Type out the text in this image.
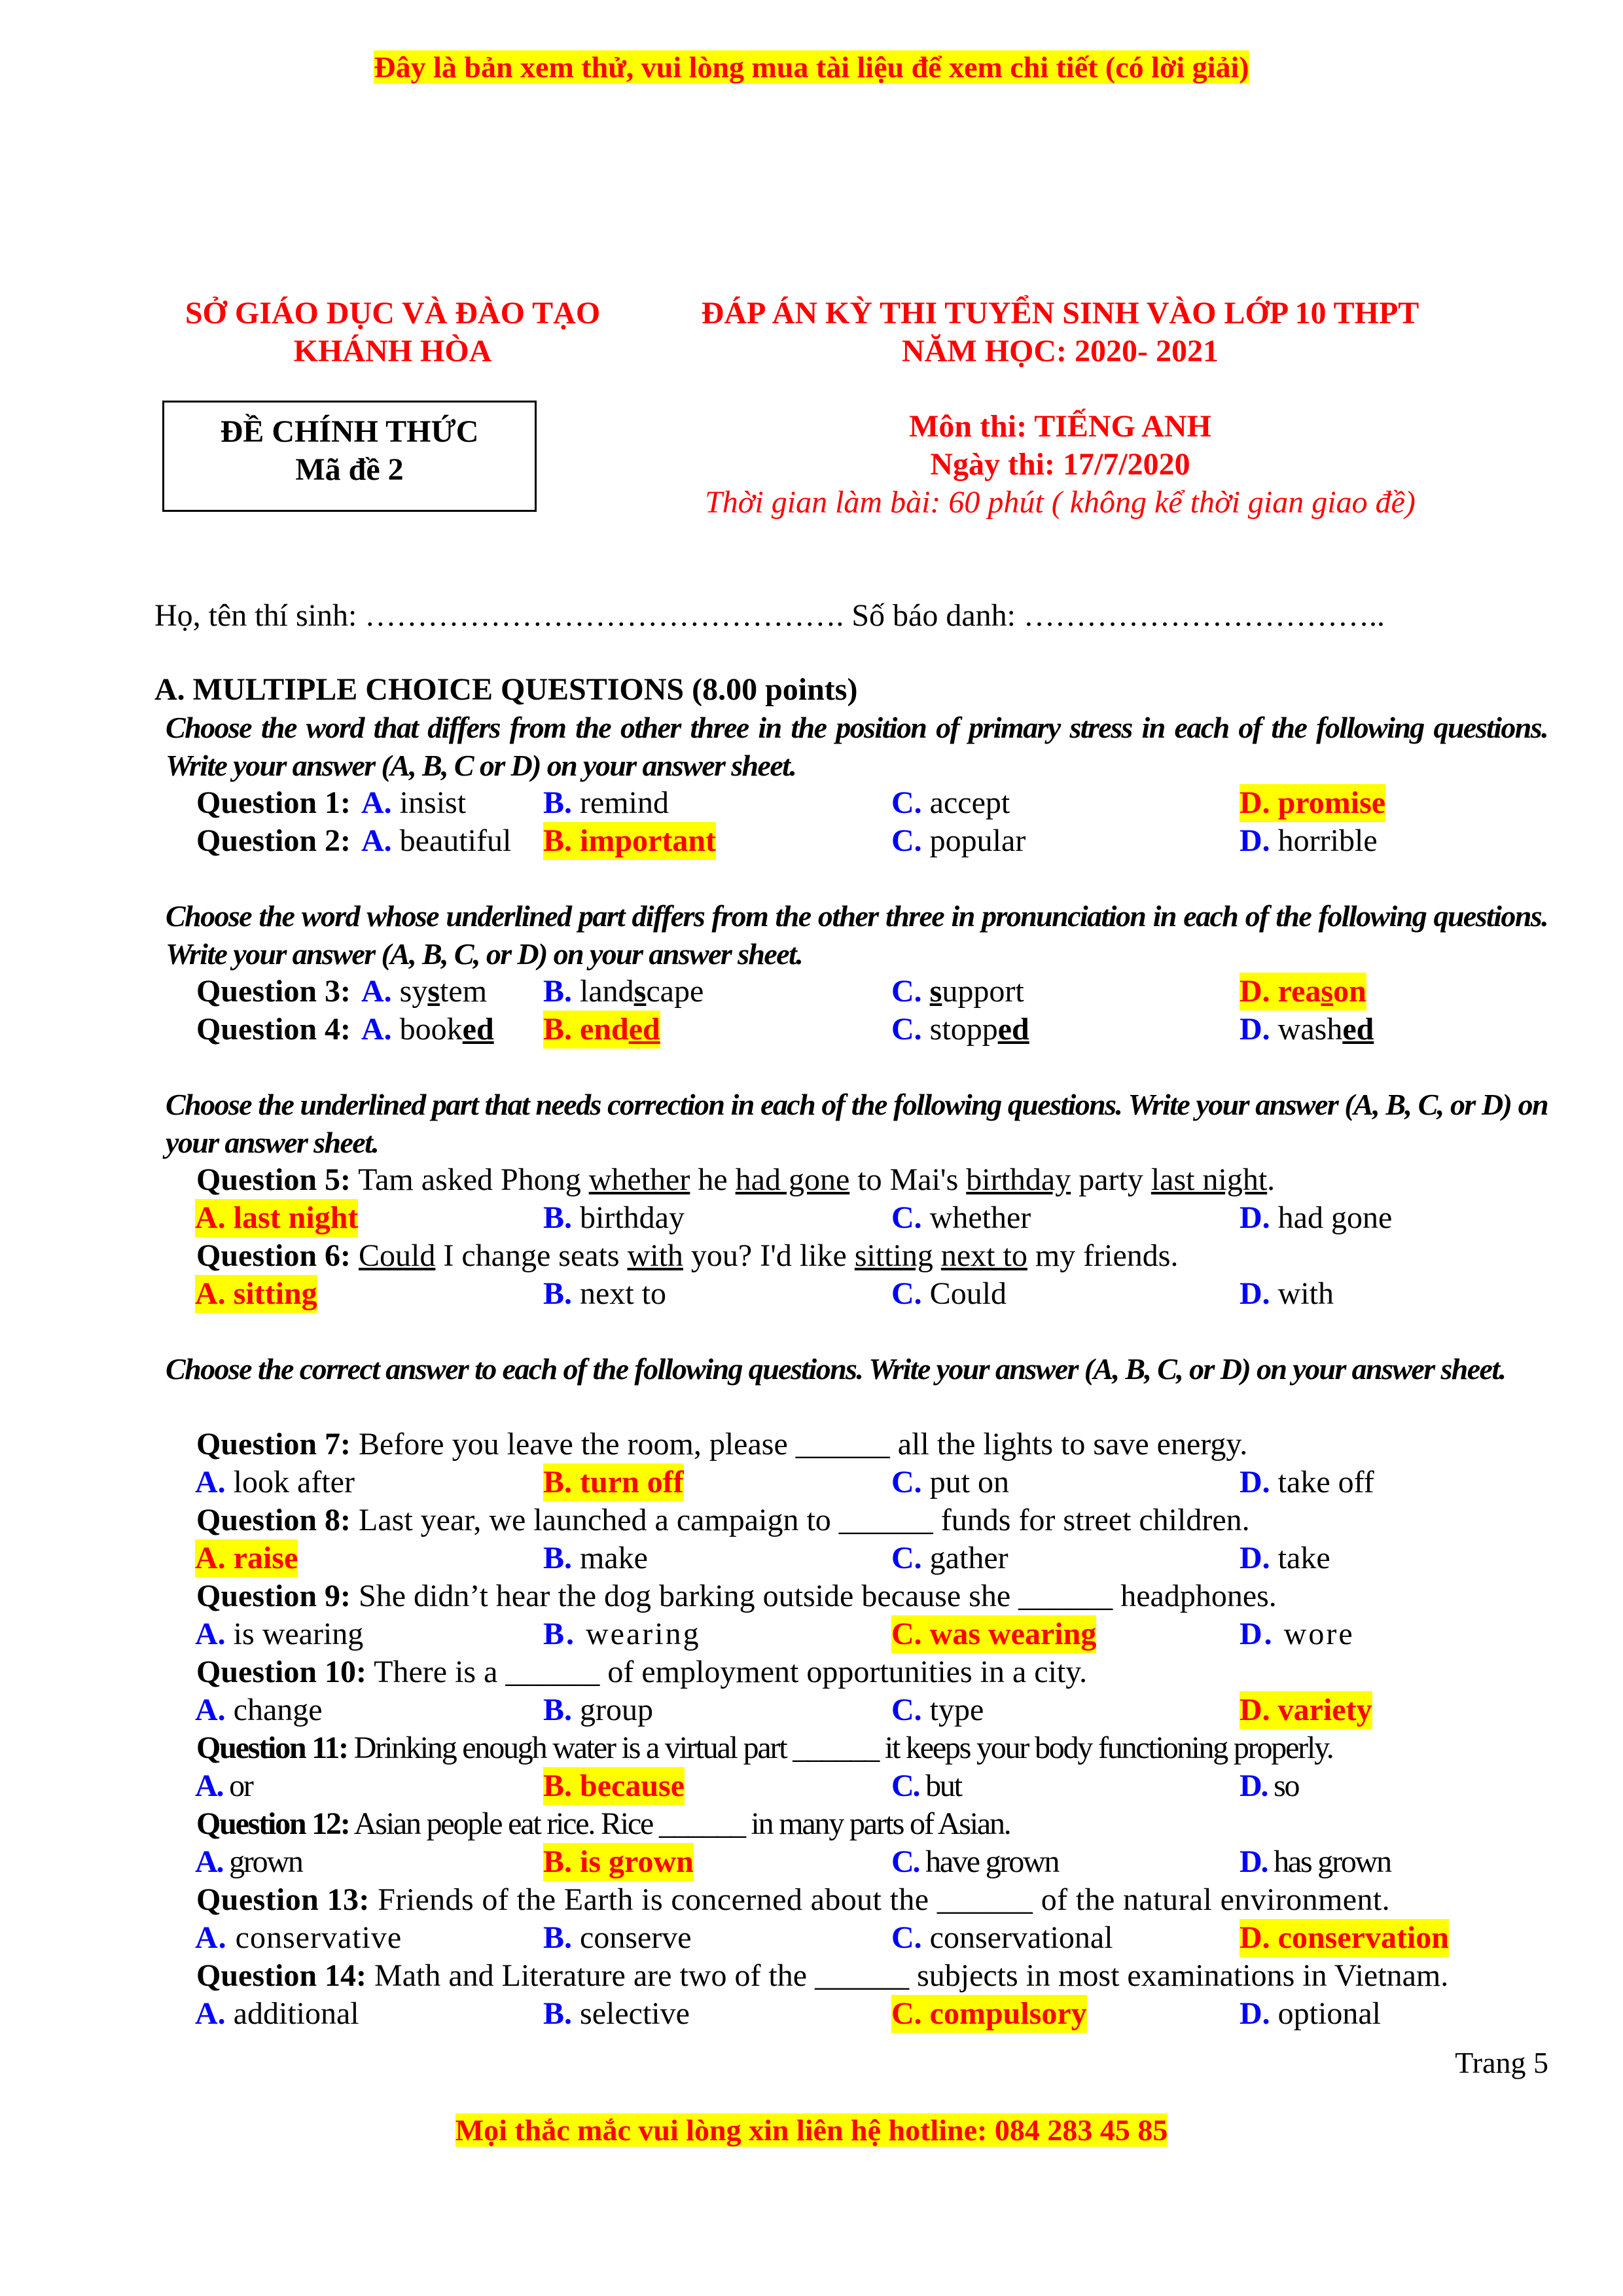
Đây là bản xem thử, vui lòng mua tài liệu để xem chi tiết (có lời giải)
SỞ GIÁO DỤC VÀ ĐÀO TẠO
KHÁNH HÒA
ĐÁP ÁN KỲ THI TUYỂN SINH VÀO LỚP 10 THPT
NĂM HỌC: 2020- 2021
ĐỀ CHÍNH THỨC
Mã đề 2
Môn thi: TIẾNG ANH
Ngày thi: 17/7/2020
Thời gian làm bài: 60 phút ( không kể thời gian giao đề)
Họ, tên thí sinh: ………………………………………. Số báo danh: ……………………………..
A. MULTIPLE CHOICE QUESTIONS (8.00 points)
Choose the word that differs from the other three in the position of primary stress in each of the following questions. Write your answer (A, B, C or D) on your answer sheet.
Question 1: A. insist B. remind	C. accept	D. promise
Question 2: A. beautiful B. important	C. popular	D. horrible
Choose the word whose underlined part differs from the other three in pronunciation in each of the following questions. Write your answer (A, B, C, or D) on your answer sheet.
Question 3: A. system B. landscape	C. support	D. reason
Question 4: A. booked B. ended	C. stopped	D. washed
Choose the underlined part that needs correction in each of the following questions. Write your answer (A, B, C, or D) on your answer sheet.
Question 5: Tam asked Phong whether he had gone to Mai's birthday party last night.
A. last night	B. birthday	C. whether	D. had gone
Question 6: Could I change seats with you? I'd like sitting next to my friends.
A. sitting	B. next to	C. Could	D. with
Choose the correct answer to each of the following questions. Write your answer (A, B, C, or D) on your answer sheet.
Question 7: Before you leave the room, please ______ all the lights to save energy.
A. look after	B. turn off	C. put on	D. take off
Question 8: Last year, we launched a campaign to ______ funds for street children.
A. raise	B. make	C. gather	D. take
Question 9: She didn’t hear the dog barking outside because she ______ headphones.
A. is wearing	B. wearing	C. was wearing	D. wore
Question 10: There is a ______ of employment opportunities in a city.
A. change	B. group	C. type	D. variety
Question 11: Drinking enough water is a virtual part ______ it keeps your body functioning properly.
A. or	B. because	C. but	D. so
Question 12: Asian people eat rice. Rice ______ in many parts of Asian.
A. grown	B. is grown	C. have grown	D. has grown
Question 13: Friends of the Earth is concerned about the ______ of the natural environment.
A. conservative	B. conserve	C. conservational	D. conservation
Question 14: Math and Literature are two of the ______ subjects in most examinations in Vietnam.
A. additional	B. selective	C. compulsory	D. optional
Trang 5
Mọi thắc mắc vui lòng xin liên hệ hotline: 084 283 45 85
